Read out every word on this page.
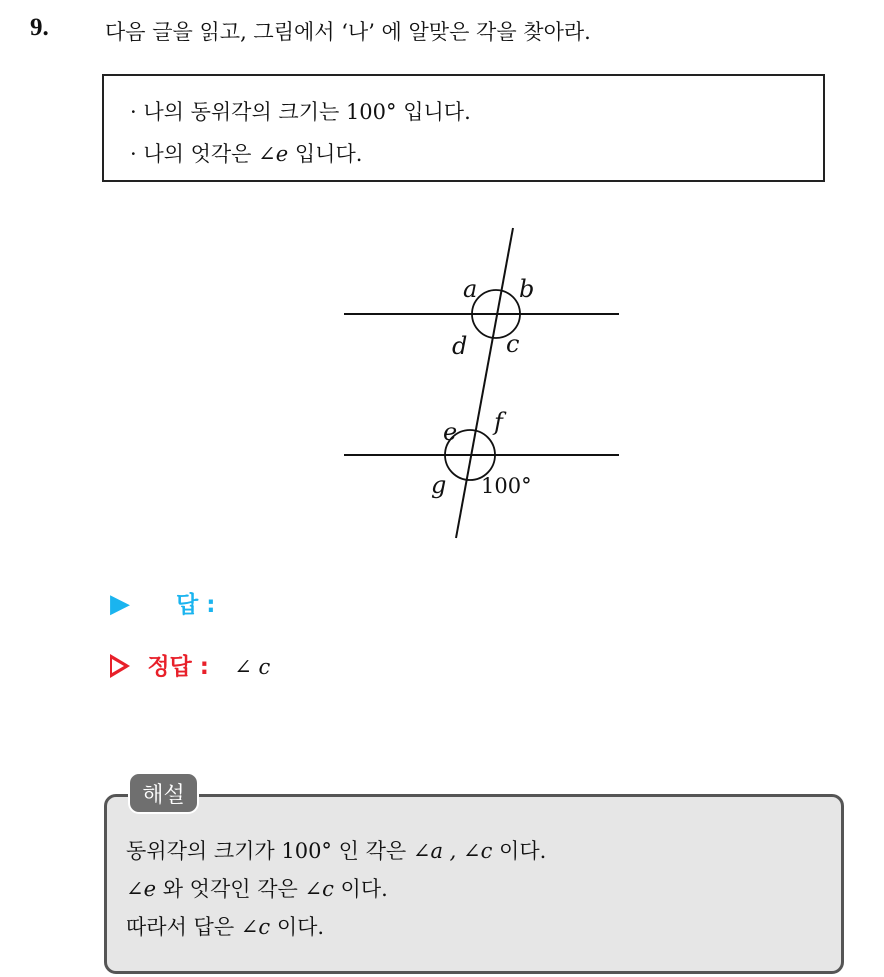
9.	다음 글을 읽고, 그림에서 ‘나’ 에 알맞은 각을 찾아라.
· 나의 동위각의 크기는 100° 입니다.
· 나의 엇각은 ∠e 입니다.
a b
d c
e f
g 100°
▶ 답 :
정답 : ∠ c
해설
동위각의 크기가 100° 인 각은 ∠a , ∠c 이다.
∠e 와 엇각인 각은 ∠c 이다.
따라서 답은 ∠c 이다.
